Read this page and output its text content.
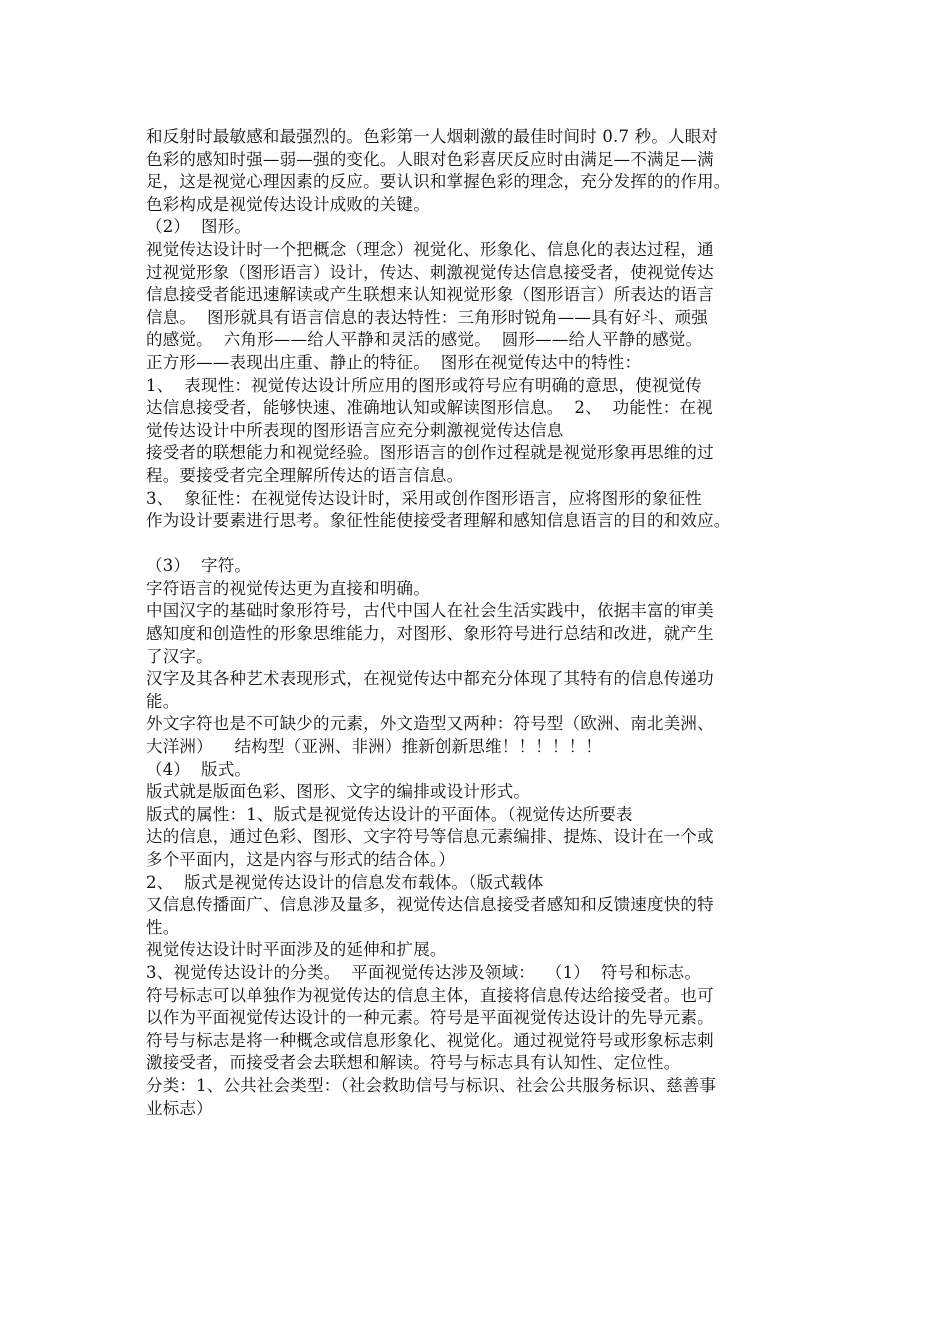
和反射时最敏感和最强烈的。色彩第一人烟刺激的最佳时间时 0.7 秒。人眼对
色彩的感知时强—弱—强的变化。人眼对色彩喜厌反应时由满足—不满足—满
足，这是视觉心理因素的反应。要认识和掌握色彩的理念，充分发挥的的作用。
色彩构成是视觉传达设计成败的关键。
（2）  图形。
视觉传达设计时一个把概念（理念）视觉化、形象化、信息化的表达过程，通
过视觉形象（图形语言）设计，传达、刺激视觉传达信息接受者，使视觉传达
信息接受者能迅速解读或产生联想来认知视觉形象（图形语言）所表达的语言
信息。  图形就具有语言信息的表达特性：三角形时锐角——具有好斗、顽强
的感觉。  六角形——给人平静和灵活的感觉。  圆形——给人平静的感觉。
正方形——表现出庄重、静止的特征。  图形在视觉传达中的特性：
1、  表现性：视觉传达设计所应用的图形或符号应有明确的意思，使视觉传
达信息接受者，能够快速、准确地认知或解读图形信息。  2、  功能性：在视
觉传达设计中所表现的图形语言应充分刺激视觉传达信息
接受者的联想能力和视觉经验。图形语言的创作过程就是视觉形象再思维的过
程。要接受者完全理解所传达的语言信息。
3、  象征性：在视觉传达设计时，采用或创作图形语言，应将图形的象征性
作为设计要素进行思考。象征性能使接受者理解和感知信息语言的目的和效应。
（3）  字符。
字符语言的视觉传达更为直接和明确。
中国汉字的基础时象形符号，古代中国人在社会生活实践中，依据丰富的审美
感知度和创造性的形象思维能力，对图形、象形符号进行总结和改进，就产生
了汉字。
汉字及其各种艺术表现形式，在视觉传达中都充分体现了其特有的信息传递功
能。
外文字符也是不可缺少的元素，外文造型又两种：符号型（欧洲、南北美洲、
大洋洲）    结构型（亚洲、非洲）推新创新思维！！！！！！
（4）  版式。
版式就是版面色彩、图形、文字的编排或设计形式。
版式的属性：1、版式是视觉传达设计的平面体。（视觉传达所要表
达的信息，通过色彩、图形、文字符号等信息元素编排、提炼、设计在一个或
多个平面内，这是内容与形式的结合体。）
2、  版式是视觉传达设计的信息发布载体。（版式载体
又信息传播面广、信息涉及量多，视觉传达信息接受者感知和反馈速度快的特
性。
视觉传达设计时平面涉及的延伸和扩展。
3、视觉传达设计的分类。  平面视觉传达涉及领域：  （1）  符号和标志。
符号标志可以单独作为视觉传达的信息主体，直接将信息传达给接受者。也可
以作为平面视觉传达设计的一种元素。符号是平面视觉传达设计的先导元素。
符号与标志是将一种概念或信息形象化、视觉化。通过视觉符号或形象标志刺
激接受者，而接受者会去联想和解读。符号与标志具有认知性、定位性。
分类：1、公共社会类型：（社会救助信号与标识、社会公共服务标识、慈善事
业标志）
